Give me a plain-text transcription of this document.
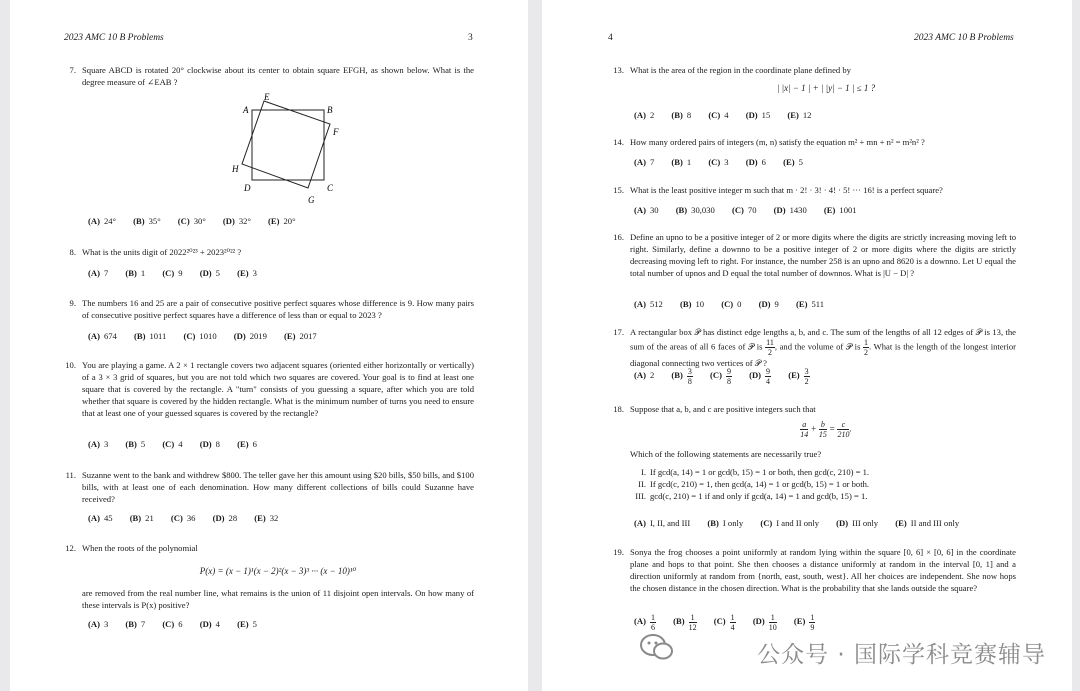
2023 AMC 10 B Problems	3
7. Square ABCD is rotated 20° clockwise about its center to obtain square EFGH, as shown below. What is the degree measure of ∠EAB ?
A
E
B
F
H
D	C
G
(A) 24° (B) 35° (C) 30° (D) 32° (E) 20°
8. What is the units digit of 2022²⁰²³ + 2023²⁰²² ?
(A) 7 (B) 1 (C) 9 (D) 5 (E) 3
9. The numbers 16 and 25 are a pair of consecutive positive perfect squares whose difference is 9. How many pairs of consecutive positive perfect squares have a difference of less than or equal to 2023 ?
(A) 674 (B) 1011 (C) 1010 (D) 2019 (E) 2017
10. You are playing a game. A 2 × 1 rectangle covers two adjacent squares (oriented either horizontally or vertically) of a 3 × 3 grid of squares, but you are not told which two squares are covered. Your goal is to find at least one square that is covered by the rectangle. A "turn" consists of you guessing a square, after which you are told whether that square is covered by the hidden rectangle. What is the minimum number of turns you need to ensure that at least one of your guessed squares is covered by the rectangle?
(A) 3 (B) 5 (C) 4 (D) 8 (E) 6
11. Suzanne went to the bank and withdrew $800. The teller gave her this amount using $20 bills, $50 bills, and $100 bills, with at least one of each denomination. How many different collections of bills could Suzanne have received?
(A) 45 (B) 21 (C) 36 (D) 28 (E) 32
12. When the roots of the polynomial
P(x) = (x − 1)¹(x − 2)²(x − 3)³ ··· (x − 10)¹⁰
are removed from the real number line, what remains is the union of 11 disjoint open intervals. On how many of these intervals is P(x) positive?
(A) 3 (B) 7 (C) 6 (D) 4 (E) 5
4	2023 AMC 10 B Problems
13. What is the area of the region in the coordinate plane defined by
| |x| − 1 | + | |y| − 1 | ≤ 1 ?
(A) 2 (B) 8 (C) 4 (D) 15 (E) 12
14. How many ordered pairs of integers (m, n) satisfy the equation m² + mn + n² = m²n² ?
(A) 7 (B) 1 (C) 3 (D) 6 (E) 5
15. What is the least positive integer m such that m · 2! · 3! · 4! · 5! ··· 16! is a perfect square?
(A) 30 (B) 30,030 (C) 70 (D) 1430 (E) 1001
16. Define an upno to be a positive integer of 2 or more digits where the digits are strictly increasing moving left to right. Similarly, define a downno to be a positive integer of 2 or more digits where the digits are strictly decreasing moving left to right. For instance, the number 258 is an upno and 8620 is a downno. Let U equal the total number of upnos and D equal the total number of downnos. What is |U − D| ?
(A) 512 (B) 10 (C) 0 (D) 9 (E) 511
17. A rectangular box 𝒫 has distinct edge lengths a, b, and c. The sum of the lengths of all 12 edges of 𝒫 is 13, the sum of the areas of all 6 faces of 𝒫 is $\frac{11}{2}$ , and the volume of 𝒫 is $\frac{1}{2}$ . What is the length of the longest interior diagonal connecting two vertices of 𝒫 ?
(A) 2 $(B) \frac{3}{8} (C) \frac{9}{8} (D) \frac{9}{4} (E) \frac{3}{2}$
18. Suppose that a, b, and c are positive integers such that
$\frac{a}{14} + \frac{b}{15} = \frac{c}{210}$ .
Which of the following statements are necessarily true?
I. If gcd(a, 14) = 1 or gcd(b, 15) = 1 or both, then gcd(c, 210) = 1.
II. If gcd(c, 210) = 1, then gcd(a, 14) = 1 or gcd(b, 15) = 1 or both.
III. gcd(c, 210) = 1 if and only if gcd(a, 14) = 1 and gcd(b, 15) = 1.
(A) I, II, and III (B) I only (C) I and II only (D) III only (E) II and III only
19. Sonya the frog chooses a point uniformly at random lying within the square [0, 6] × [0, 6] in the coordinate plane and hops to that point. She then chooses a distance uniformly at random in the interval [0, 1] and a direction uniformly at random from {north, east, south, west}. All her choices are independent. She now hops the chosen distance in the chosen direction. What is the probability that she lands outside the square?
$(A) \frac{1}{6} (B) \frac{1}{12} (C) \frac{1}{4} (D) \frac{1}{10} (E) \frac{1}{9}$
公众号 · 国际学科竞赛辅导
